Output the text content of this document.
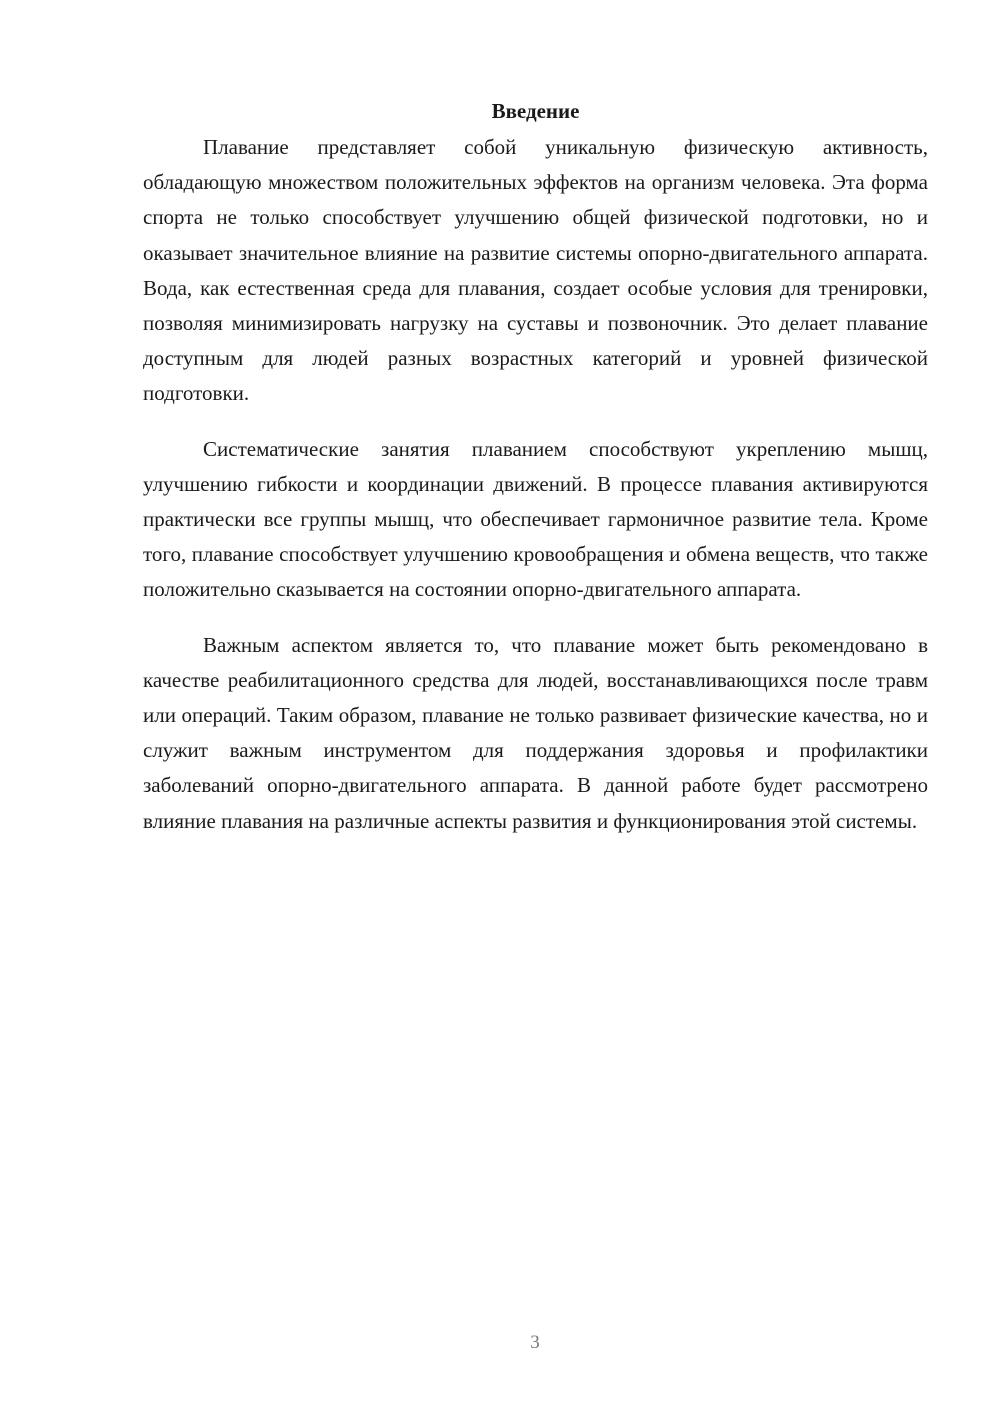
Введение

Плавание представляет собой уникальную физическую активность, обладающую множеством положительных эффектов на организм человека. Эта форма спорта не только способствует улучшению общей физической подготовки, но и оказывает значительное влияние на развитие системы опорно-двигательного аппарата. Вода, как естественная среда для плавания, создает особые условия для тренировки, позволяя минимизировать нагрузку на суставы и позвоночник. Это делает плавание доступным для людей разных возрастных категорий и уровней физической подготовки.

Систематические занятия плаванием способствуют укреплению мышц, улучшению гибкости и координации движений. В процессе плавания активируются практически все группы мышц, что обеспечивает гармоничное развитие тела. Кроме того, плавание способствует улучшению кровообращения и обмена веществ, что также положительно сказывается на состоянии опорно-двигательного аппарата.

Важным аспектом является то, что плавание может быть рекомендовано в качестве реабилитационного средства для людей, восстанавливающихся после травм или операций. Таким образом, плавание не только развивает физические качества, но и служит важным инструментом для поддержания здоровья и профилактики заболеваний опорно-двигательного аппарата. В данной работе будет рассмотрено влияние плавания на различные аспекты развития и функционирования этой системы.

3
